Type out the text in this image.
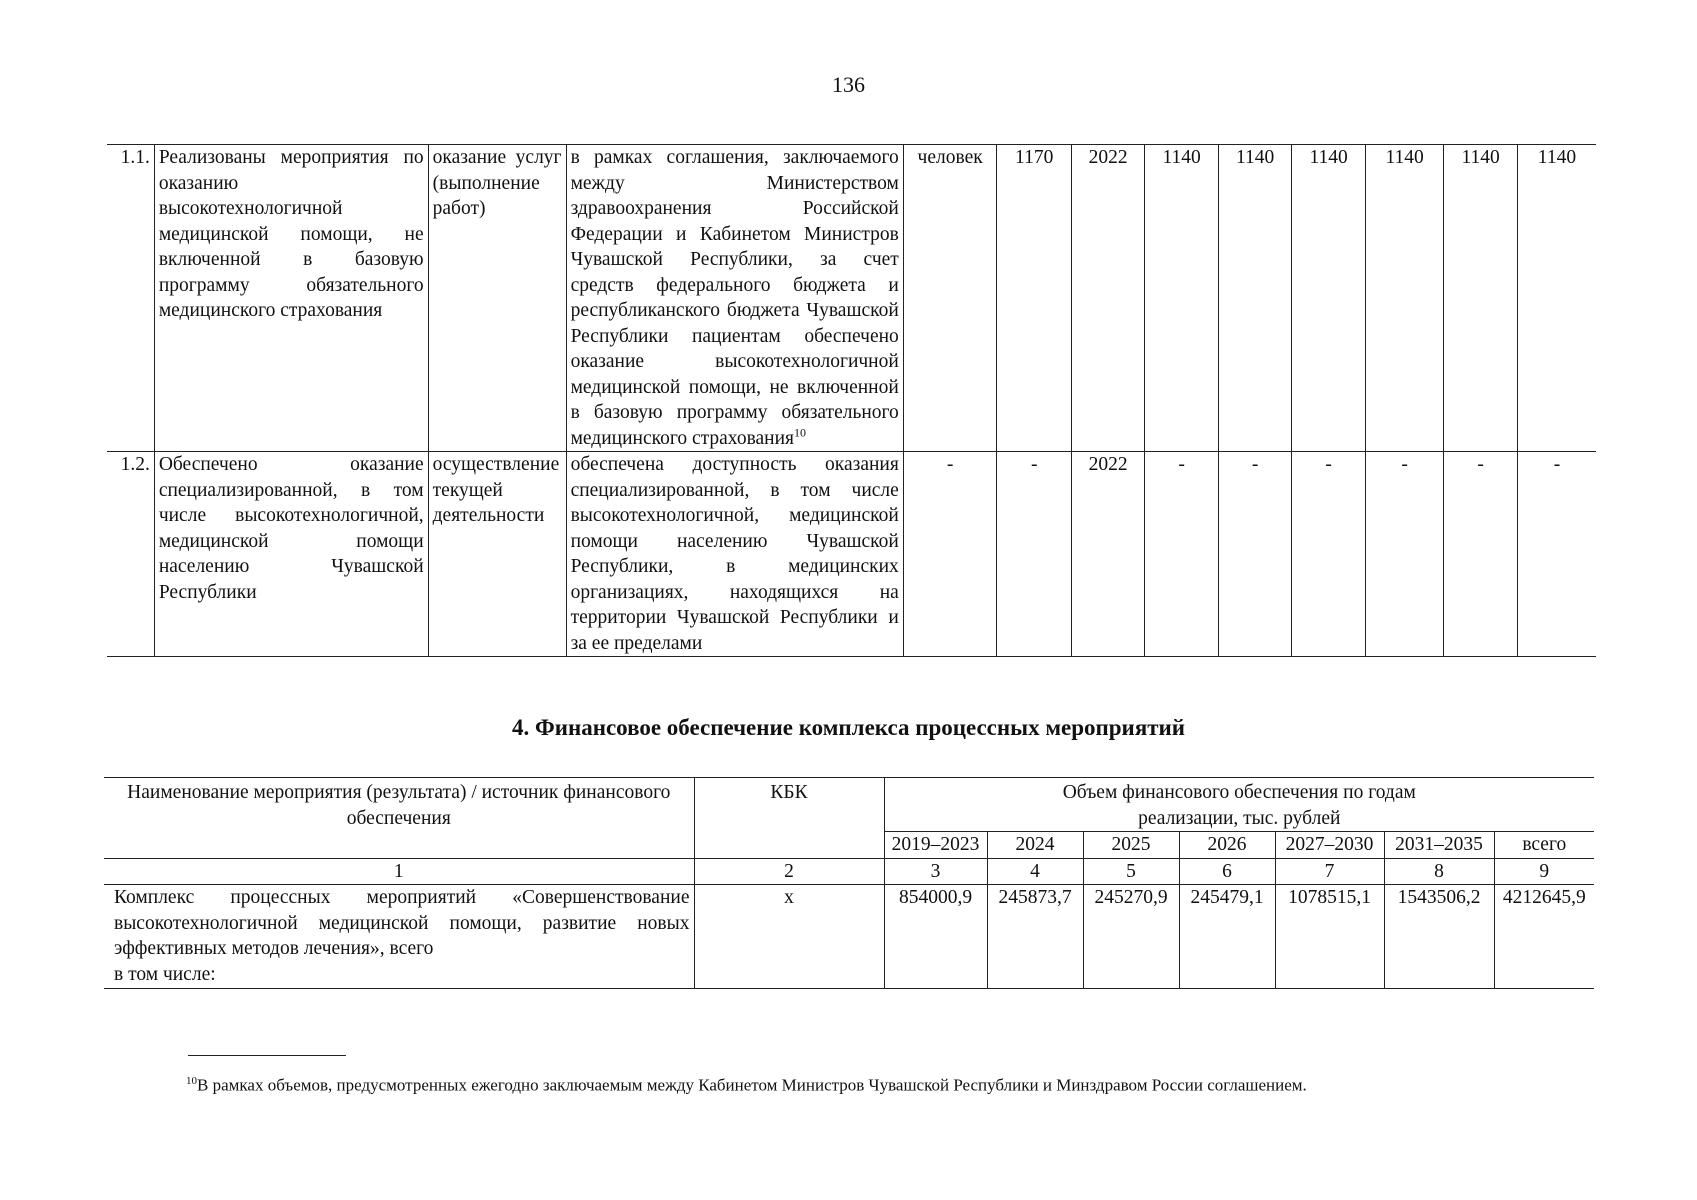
136
1.1.	Реализованы мероприятия по оказанию высокотехнологичной медицинской помощи, не включенной в базовую программу обязательного медицинского страхования	оказание услуг (выполнение работ)	в рамках соглашения, заключаемого между Министерством здравоохранения Российской Федерации и Кабинетом Министров Чувашской Республики, за счет средств федерального бюджета и республиканского бюджета Чувашской Республики пациентам обеспечено оказание высокотехнологичной медицинской помощи, не включенной в базовую программу обязательного медицинского страхования$^{10}$	человек	1170	2022	1140	1140	1140	1140	1140	1140
1.2.	Обеспечено оказание специализированной, в том числе высокотехнологичной, медицинской помощи населению Чувашской Республики	осуществление текущей деятельности	обеспечена доступность оказания специализированной, в том числе высокотехнологичной, медицинской помощи населению Чувашской Республики, в медицинских организациях, находящихся на территории Чувашской Республики и за ее пределами	-	-	2022	-	-	-	-	-	-
4. Финансовое обеспечение комплекса процессных мероприятий
Наименование мероприятия (результата) / источник финансового обеспечения	КБК	Объем финансового обеспечения по годам реализации, тыс. рублей						
		2019–2023	2024	2025	2026	2027–2030	2031–2035	всего
1	2	3	4	5	6	7	8	9

Комплекс процессных мероприятий «Совершенствование высокотехнологичной медицинской помощи, развитие новых эффективных методов лечения», всего
в том числе:	x	854000,9	245873,7	245270,9	245479,1	1078515,1	1543506,2	4212645,9
$^{10}$В рамках объемов, предусмотренных ежегодно заключаемым между Кабинетом Министров Чувашской Республики и Минздравом России соглашением.
